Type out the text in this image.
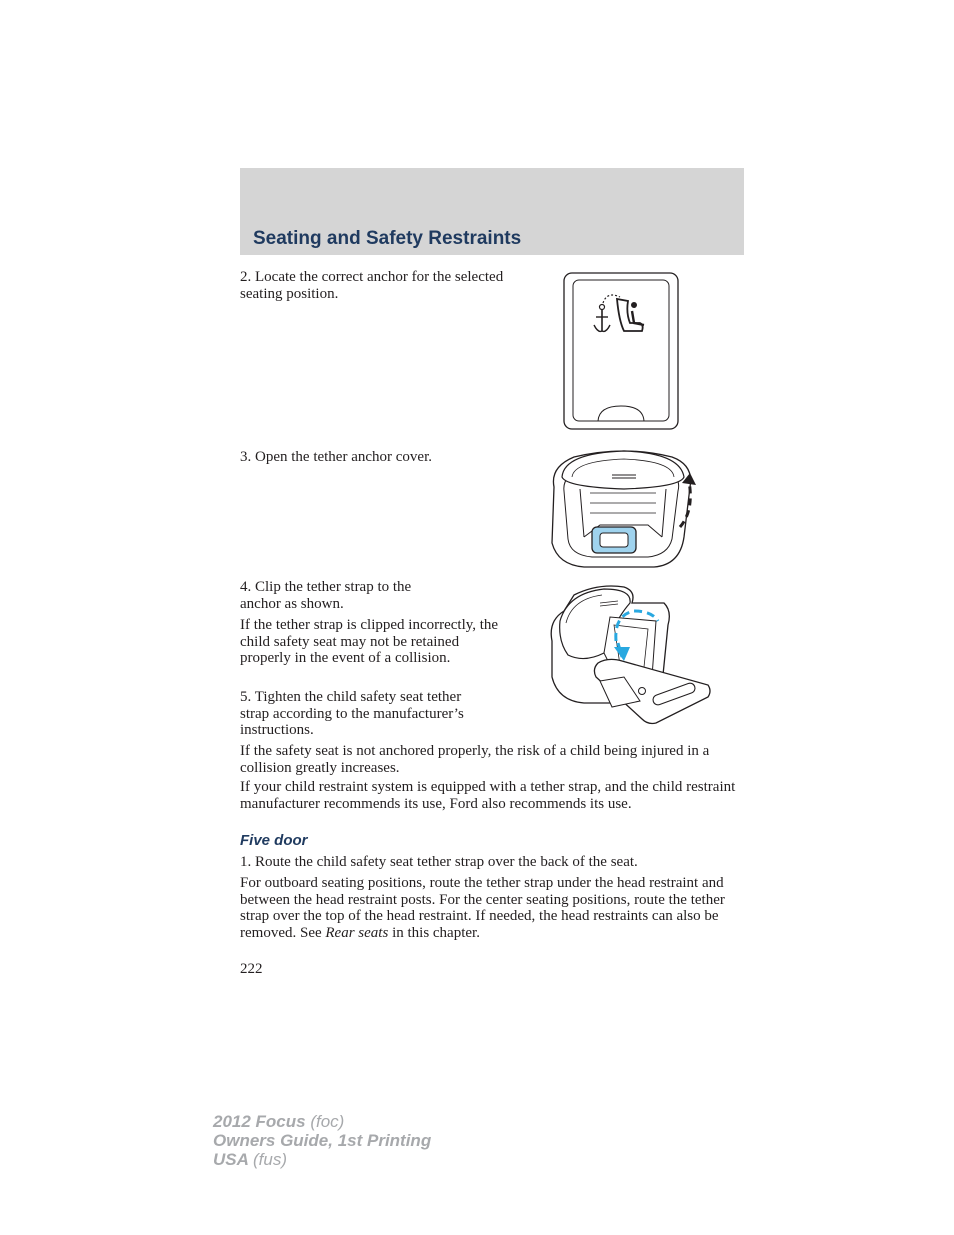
Seating and Safety Restraints

2. Locate the correct anchor for the selected seating position.

3. Open the tether anchor cover.

4. Clip the tether strap to the anchor as shown.

If the tether strap is clipped incorrectly, the child safety seat may not be retained properly in the event of a collision.

5. Tighten the child safety seat tether strap according to the manufacturer’s instructions.

If the safety seat is not anchored properly, the risk of a child being injured in a collision greatly increases.

If your child restraint system is equipped with a tether strap, and the child restraint manufacturer recommends its use, Ford also recommends its use.

Five door

1. Route the child safety seat tether strap over the back of the seat.

For outboard seating positions, route the tether strap under the head restraint and between the head restraint posts. For the center seating positions, route the tether strap over the top of the head restraint. If needed, the head restraints can also be removed. See Rear seats in this chapter.

222

2012 Focus (foc)
Owners Guide, 1st Printing
USA (fus)
